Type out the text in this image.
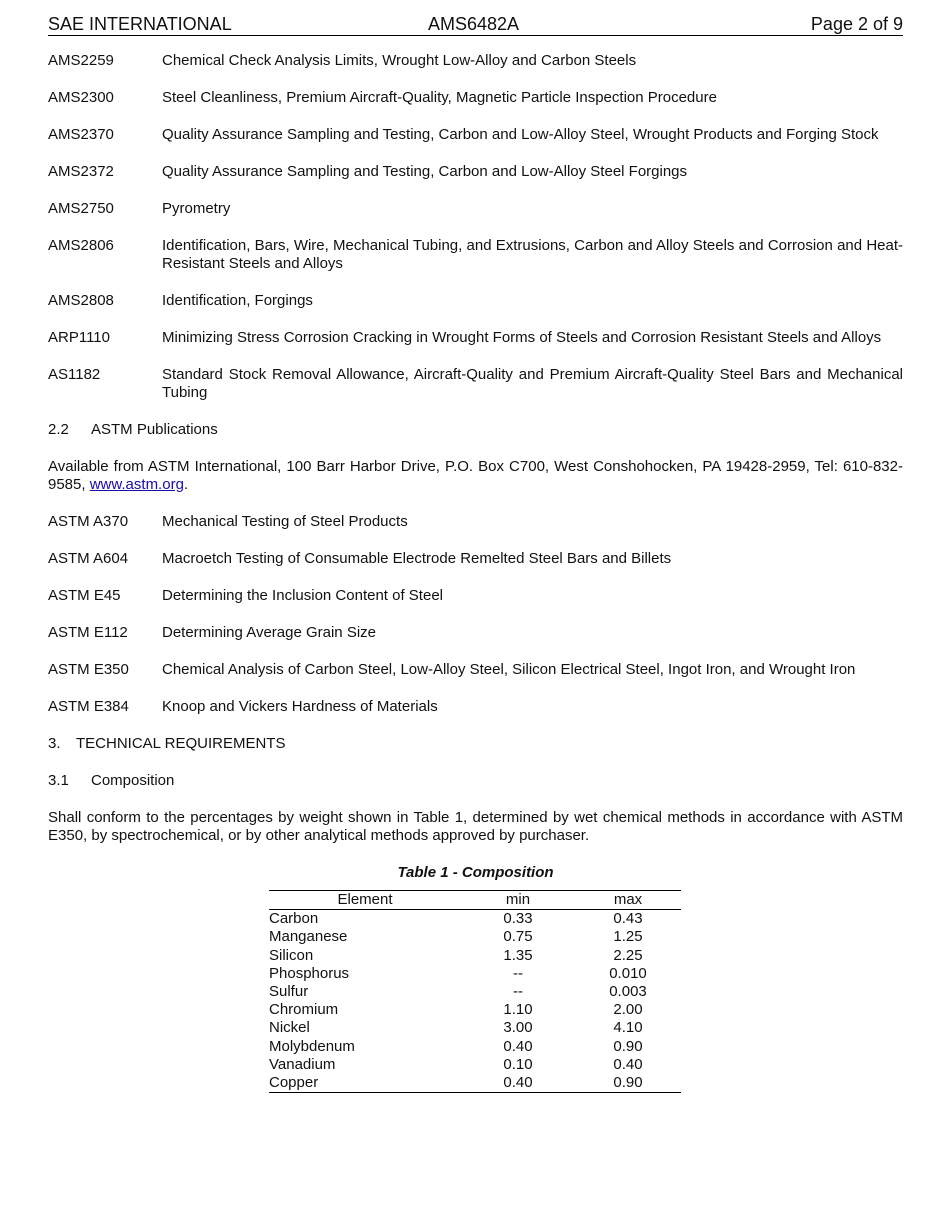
SAE INTERNATIONAL	AMS6482A	Page 2 of 9
AMS2259	Chemical Check Analysis Limits, Wrought Low-Alloy and Carbon Steels
AMS2300	Steel Cleanliness, Premium Aircraft-Quality, Magnetic Particle Inspection Procedure
AMS2370	Quality Assurance Sampling and Testing, Carbon and Low-Alloy Steel, Wrought Products and Forging Stock
AMS2372	Quality Assurance Sampling and Testing, Carbon and Low-Alloy Steel Forgings
AMS2750	Pyrometry
AMS2806	Identification, Bars, Wire, Mechanical Tubing, and Extrusions, Carbon and Alloy Steels and Corrosion and Heat-Resistant Steels and Alloys
AMS2808	Identification, Forgings
ARP1110	Minimizing Stress Corrosion Cracking in Wrought Forms of Steels and Corrosion Resistant Steels and Alloys
AS1182	Standard Stock Removal Allowance, Aircraft-Quality and Premium Aircraft-Quality Steel Bars and Mechanical Tubing
2.2 ASTM Publications
Available from ASTM International, 100 Barr Harbor Drive, P.O. Box C700, West Conshohocken, PA 19428-2959, Tel: 610-832-9585, www.astm.org.
ASTM A370	Mechanical Testing of Steel Products
ASTM A604	Macroetch Testing of Consumable Electrode Remelted Steel Bars and Billets
ASTM E45	Determining the Inclusion Content of Steel
ASTM E112	Determining Average Grain Size
ASTM E350	Chemical Analysis of Carbon Steel, Low-Alloy Steel, Silicon Electrical Steel, Ingot Iron, and Wrought Iron
ASTM E384	Knoop and Vickers Hardness of Materials
3. TECHNICAL REQUIREMENTS
3.1 Composition
Shall conform to the percentages by weight shown in Table 1, determined by wet chemical methods in accordance with ASTM E350, by spectrochemical, or by other analytical methods approved by purchaser.
Table 1 - Composition
Element	min	max
Carbon	0.33	0.43
Manganese	0.75	1.25
Silicon	1.35	2.25
Phosphorus	--	0.010
Sulfur	--	0.003
Chromium	1.10	2.00
Nickel	3.00	4.10
Molybdenum	0.40	0.90
Vanadium	0.10	0.40
Copper	0.40	0.90
